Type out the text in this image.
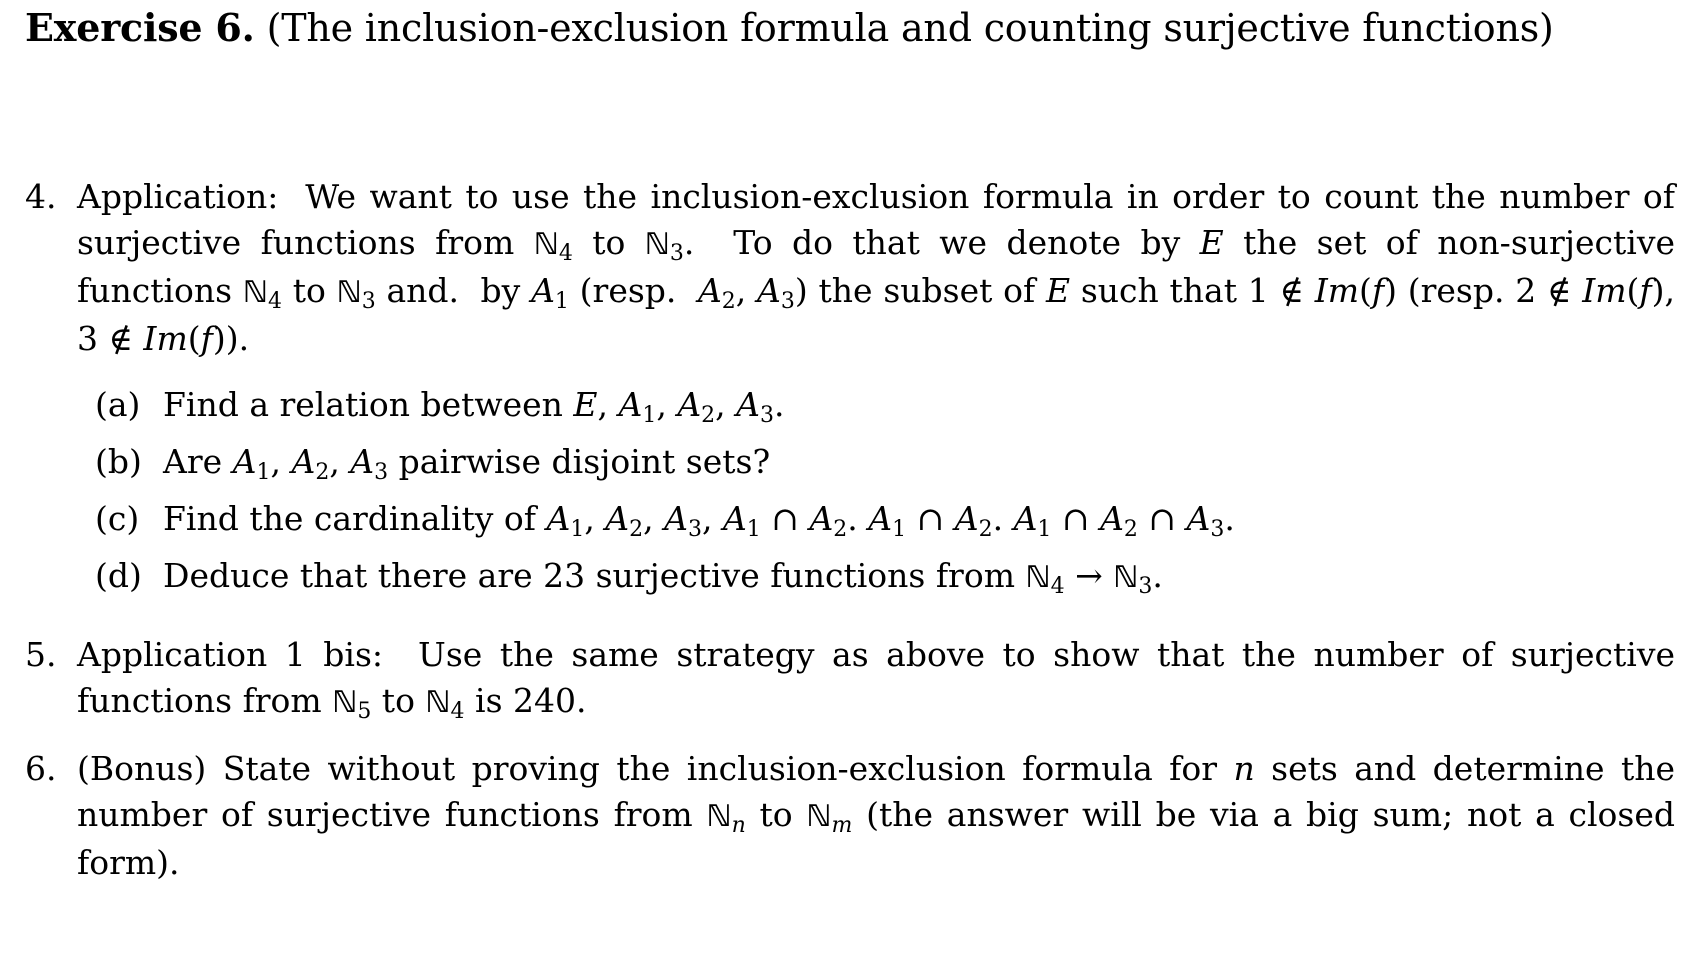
Exercise 6. (The inclusion-exclusion formula and counting surjective functions)
4. Application:  We want to use the inclusion-exclusion formula in order to count the number of surjective functions from ℕ$_4$ to ℕ$_3$.  To do that we denote by E the set of non-surjective functions ℕ$_4$ to ℕ$_3$ and.  by $A_1$ (resp.  $A_2$, $A_3$) the subset of E such that 1 ∉ Im(f) (resp. 2 ∉ Im(f), 3 ∉ Im(f)).
(a) Find a relation between E, $A_1$, $A_2$, $A_3$.
(b) Are $A_1$, $A_2$, $A_3$ pairwise disjoint sets?
(c) Find the cardinality of $A_1$, $A_2$, $A_3$, $A_1$ ∩ $A_2$. $A_1$ ∩ $A_2$. $A_1$ ∩ $A_2$ ∩ $A_3$.
(d) Deduce that there are 23 surjective functions from ℕ$_4$ → ℕ$_3$.
5. Application 1 bis:  Use the same strategy as above to show that the number of surjective functions from ℕ$_5$ to ℕ$_4$ is 240.
6. (Bonus) State without proving the inclusion-exclusion formula for n sets and determine the number of surjective functions from ℕ$_n$ to ℕ$_m$ (the answer will be via a big sum; not a closed form).
